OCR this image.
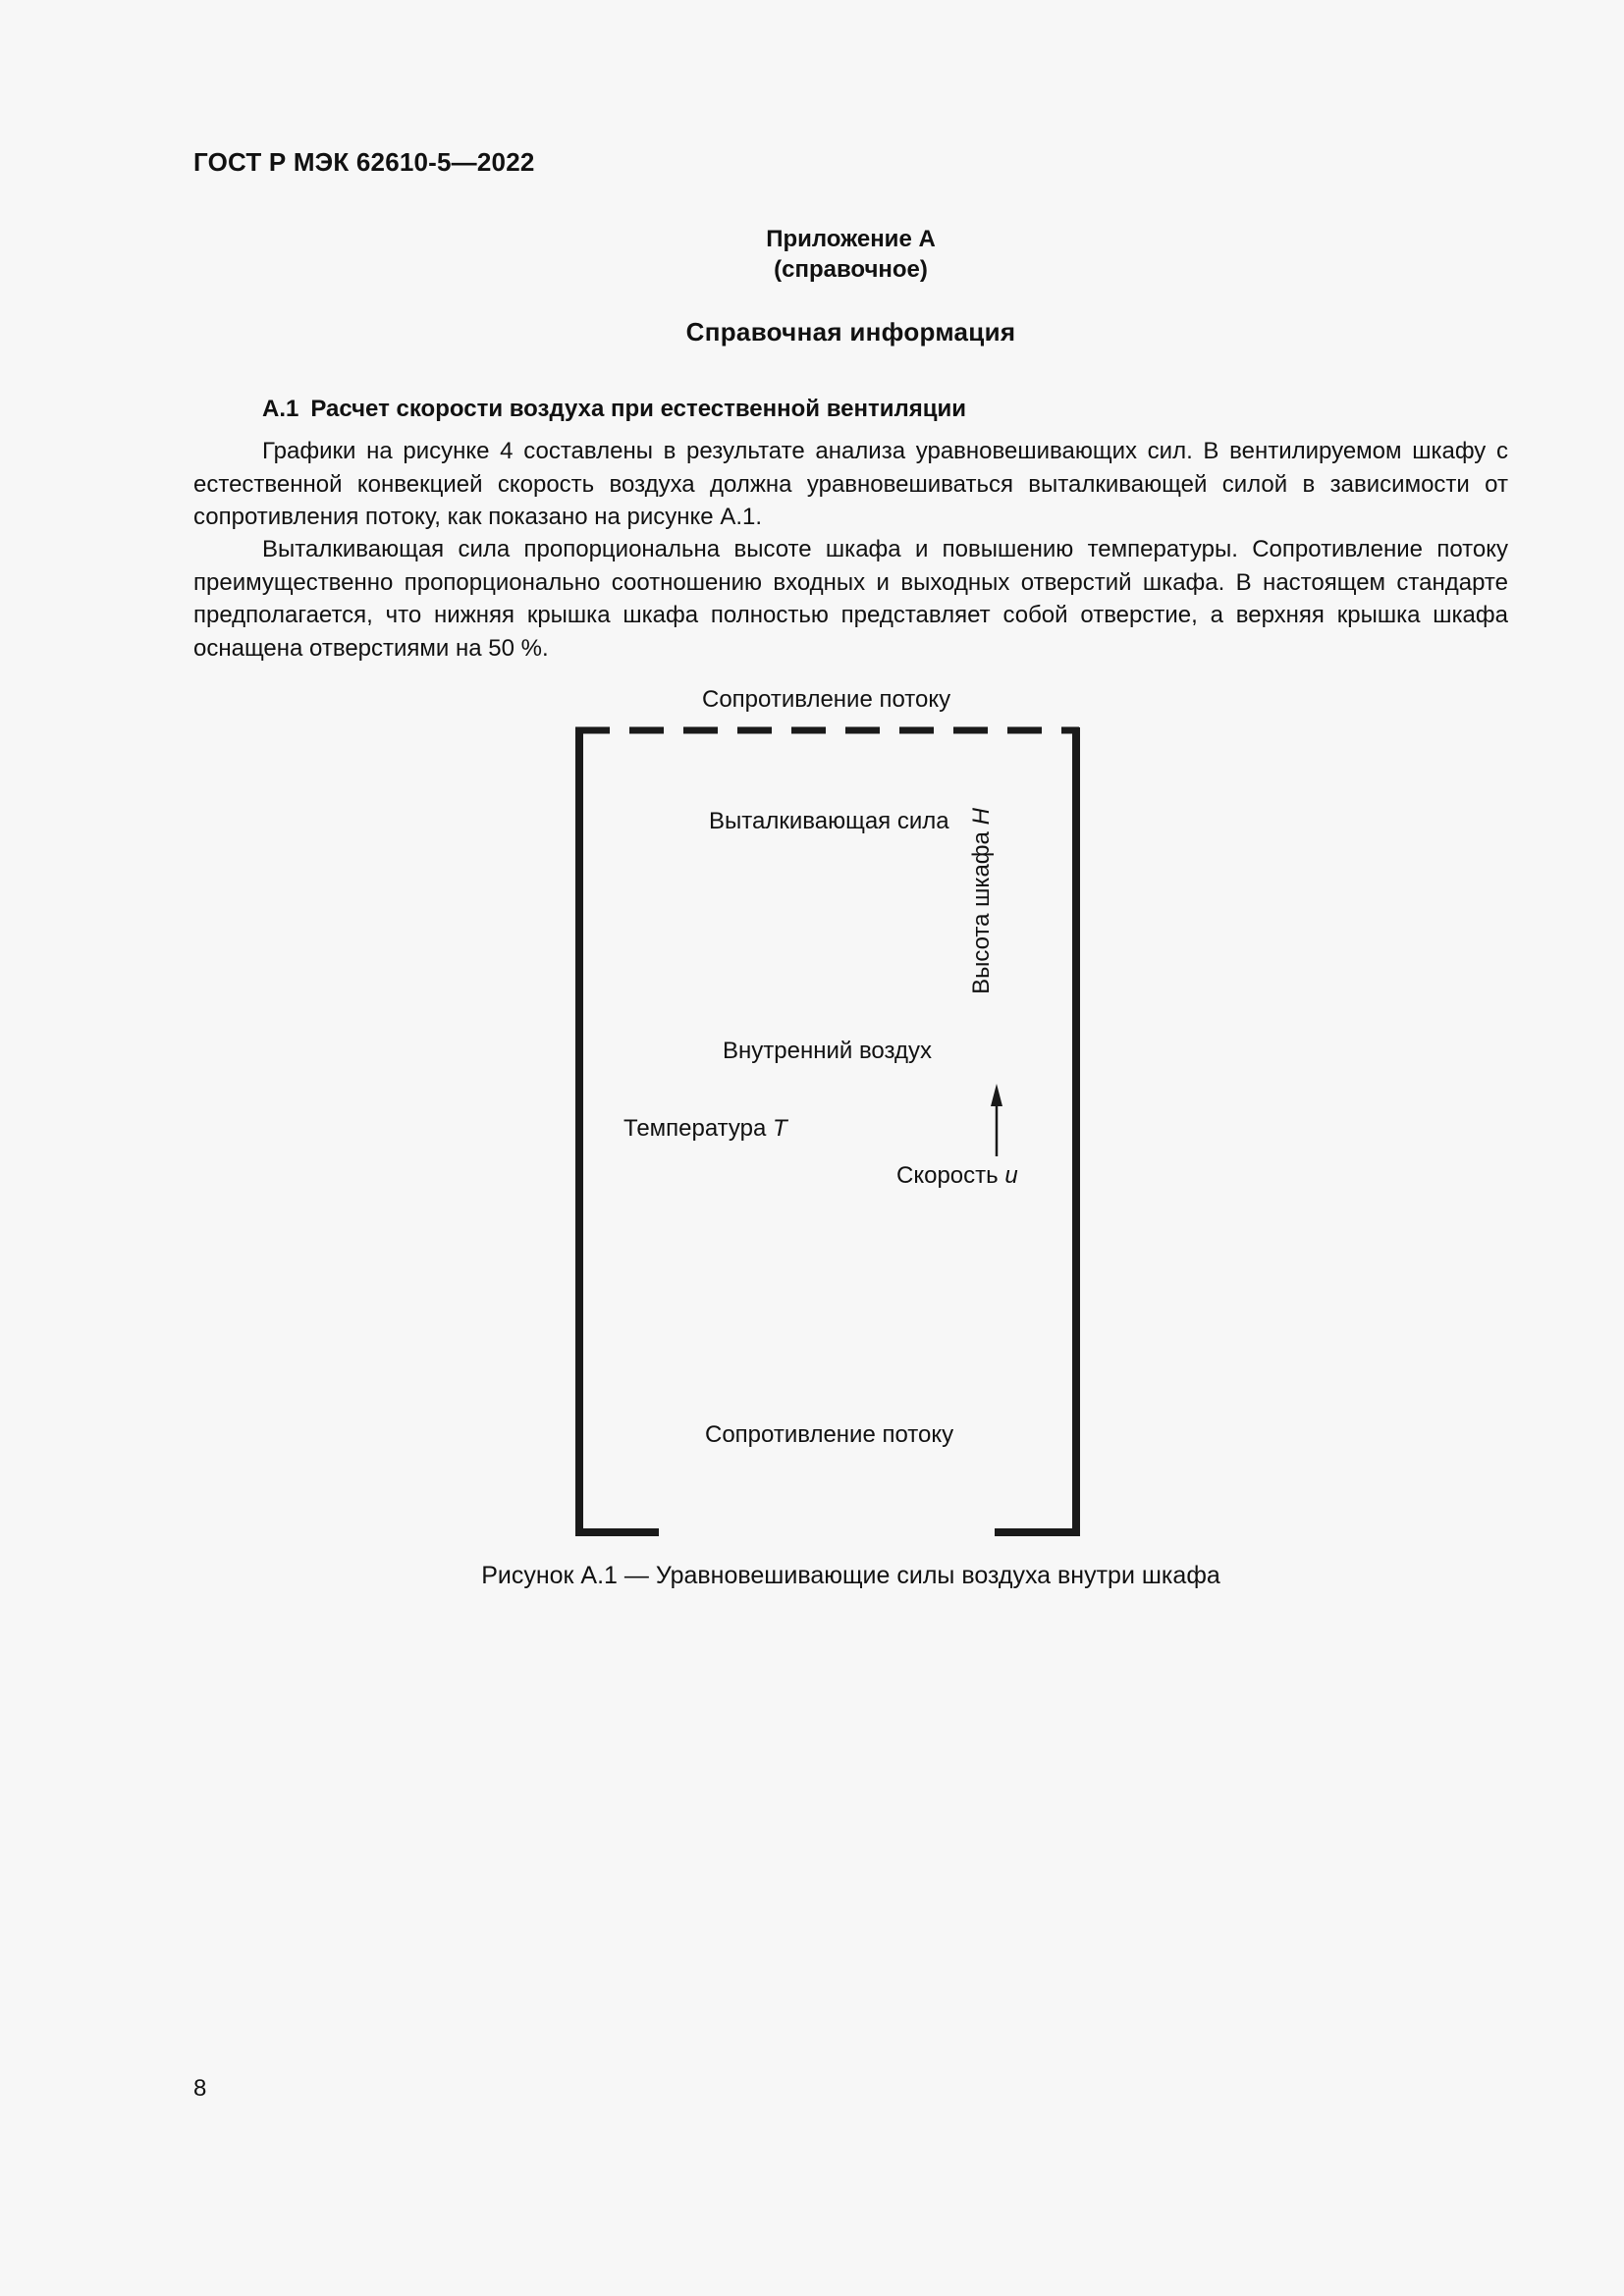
ГОСТ Р МЭК 62610-5—2022
Приложение А
(справочное)
Справочная информация
А.1 Расчет скорости воздуха при естественной вентиляции

Графики на рисунке 4 составлены в результате анализа уравновешивающих сил. В вентилируемом шкафу с естественной конвекцией скорость воздуха должна уравновешиваться выталкивающей силой в зависимости от сопротивления потоку, как показано на рисунке А.1.

Выталкивающая сила пропорциональна высоте шкафа и повышению температуры. Сопротивление потоку преимущественно пропорционально соотношению входных и выходных отверстий шкафа. В настоящем стандарте предполагается, что нижняя крышка шкафа полностью представляет собой отверстие, а верхняя крышка шкафа оснащена отверстиями на 50 %.

Сопротивление потоку
Выталкивающая сила
Внутренний воздух
Температура T
Скорость u
Сопротивление потоку
Высота шкафа H
Рисунок А.1 — Уравновешивающие силы воздуха внутри шкафа
8
